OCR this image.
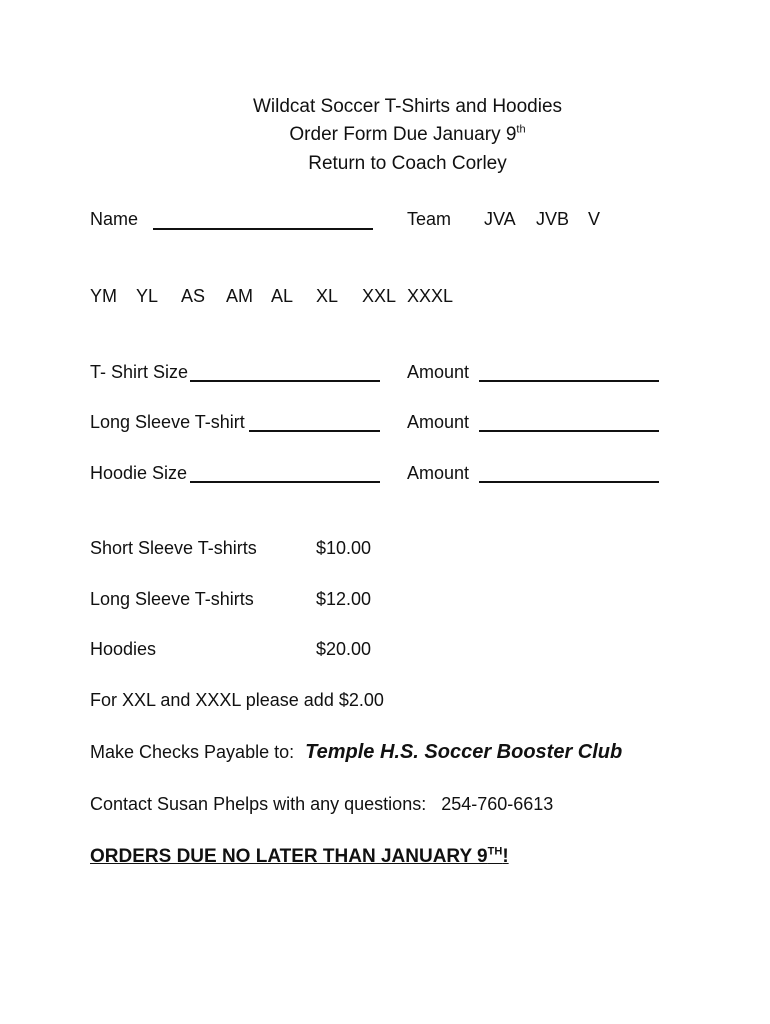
Wildcat Soccer T-Shirts and Hoodies
Order Form Due January 9th
Return to Coach Corley
Name	Team JVA JVB V
YM YL AS AM AL XL XXL XXXL
T- Shirt Size	Amount
Long Sleeve T-shirt	Amount
Hoodie Size	Amount
Short Sleeve T-shirts	$10.00
Long Sleeve T-shirts	$12.00
Hoodies	$20.00
For XXL and XXXL please add $2.00
Make Checks Payable to: Temple H.S. Soccer Booster Club
Contact Susan Phelps with any questions: 254-760-6613
ORDERS DUE NO LATER THAN JANUARY 9TH!
